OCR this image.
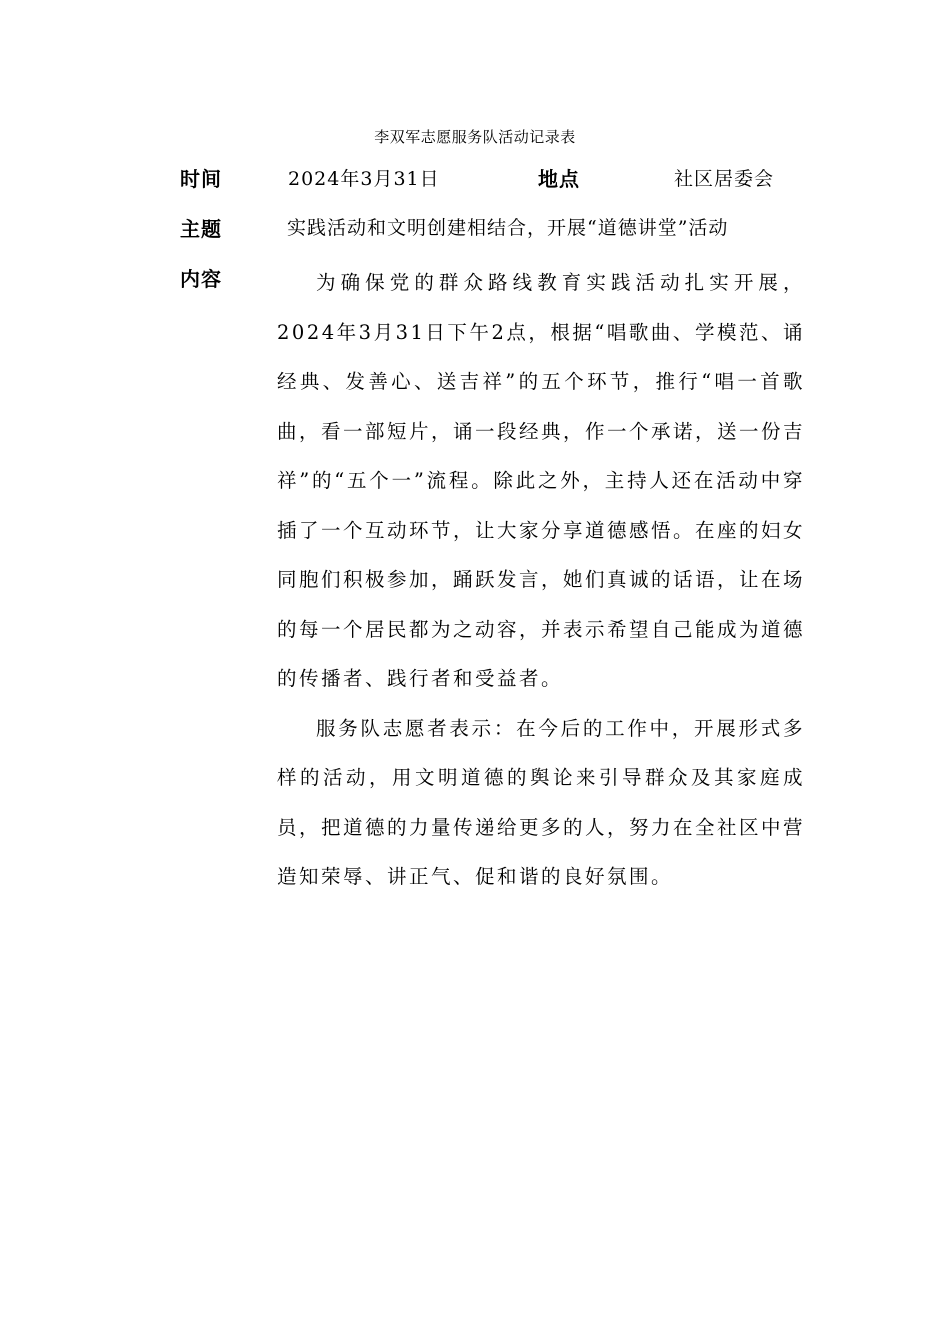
李双军志愿服务队活动记录表
时间	2024年3月31日	地点	社区居委会
主题	实践活动和文明创建相结合，开展“道德讲堂”活动
内容	为确保党的群众路线教育实践活动扎实开展，2024年3月31日下午2点，根据“唱歌曲、学模范、诵经典、发善心、送吉祥”的五个环节，推行“唱一首歌曲，看一部短片，诵一段经典，作一个承诺，送一份吉祥”的“五个一”流程。除此之外，主持人还在活动中穿插了一个互动环节，让大家分享道德感悟。在座的妇女同胞们积极参加，踊跃发言，她们真诚的话语，让在场的每一个居民都为之动容，并表示希望自己能成为道德的传播者、践行者和受益者。

服务队志愿者表示：在今后的工作中，开展形式多样的活动，用文明道德的舆论来引导群众及其家庭成员，把道德的力量传递给更多的人，努力在全社区中营造知荣辱、讲正气、促和谐的良好氛围。
